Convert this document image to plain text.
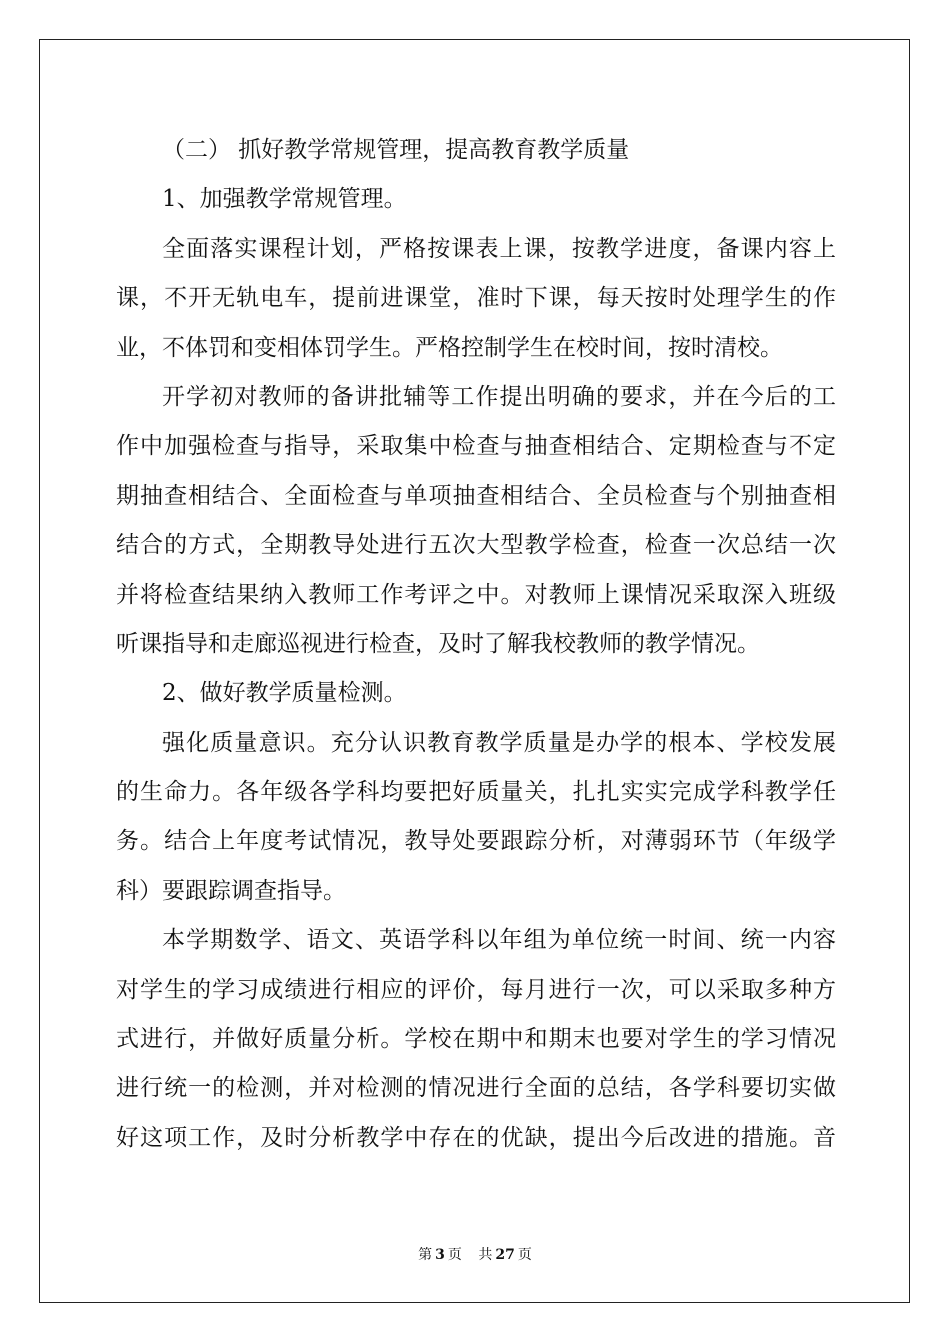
（二） 抓好教学常规管理，提高教育教学质量
1、加强教学常规管理。
全面落实课程计划，严格按课表上课，按教学进度，备课内容上
课，不开无轨电车，提前进课堂，准时下课，每天按时处理学生的作
业，不体罚和变相体罚学生。严格控制学生在校时间，按时清校。
开学初对教师的备讲批辅等工作提出明确的要求，并在今后的工
作中加强检查与指导，采取集中检查与抽查相结合、定期检查与不定
期抽查相结合、全面检查与单项抽查相结合、全员检查与个别抽查相
结合的方式，全期教导处进行五次大型教学检查，检查一次总结一次
并将检查结果纳入教师工作考评之中。对教师上课情况采取深入班级
听课指导和走廊巡视进行检查，及时了解我校教师的教学情况。
2、做好教学质量检测。
强化质量意识。充分认识教育教学质量是办学的根本、学校发展
的生命力。各年级各学科均要把好质量关，扎扎实实完成学科教学任
务。结合上年度考试情况，教导处要跟踪分析，对薄弱环节（年级学
科）要跟踪调查指导。
本学期数学、语文、英语学科以年组为单位统一时间、统一内容
对学生的学习成绩进行相应的评价，每月进行一次，可以采取多种方
式进行，并做好质量分析。学校在期中和期末也要对学生的学习情况
进行统一的检测，并对检测的情况进行全面的总结，各学科要切实做
好这项工作，及时分析教学中存在的优缺，提出今后改进的措施。音
第 3 页 共 27 页
